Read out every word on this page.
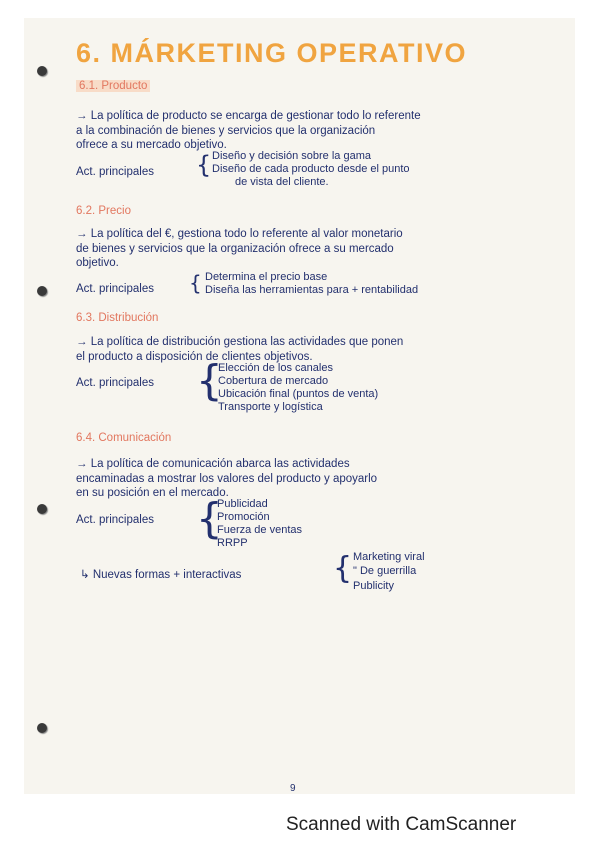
6. MÁRKETING OPERATIVO
6.1. Producto
→ La política de producto se encarga de gestionar todo lo referente
a la combinación de bienes y servicios que la organización
ofrece a su mercado objetivo.
Act. principales { Diseño y decisión sobre la gama
Diseño de cada producto desde el punto
de vista del cliente.
6.2. Precio
→ La política del €, gestiona todo lo referente al valor monetario
de bienes y servicios que la organización ofrece a su mercado
objetivo.
Act. principales { Determina el precio base
Diseña las herramientas para + rentabilidad
6.3. Distribución
→ La política de distribución gestiona las actividades que ponen
el producto a disposición de clientes objetivos.
Act. principales {
Elección de los canales
Cobertura de mercado
Ubicación final (puntos de venta)
Transporte y logística
6.4. Comunicación
→ La política de comunicación abarca las actividades
encaminadas a mostrar los valores del producto y apoyarlo
en su posición en el mercado.
Act. principales {
Publicidad
Promoción
Fuerza de ventas
RRPP
↳ Nuevas formas + interactivas	{ Marketing viral
" De guerrilla
Publicity
9
Scanned with CamScanner
